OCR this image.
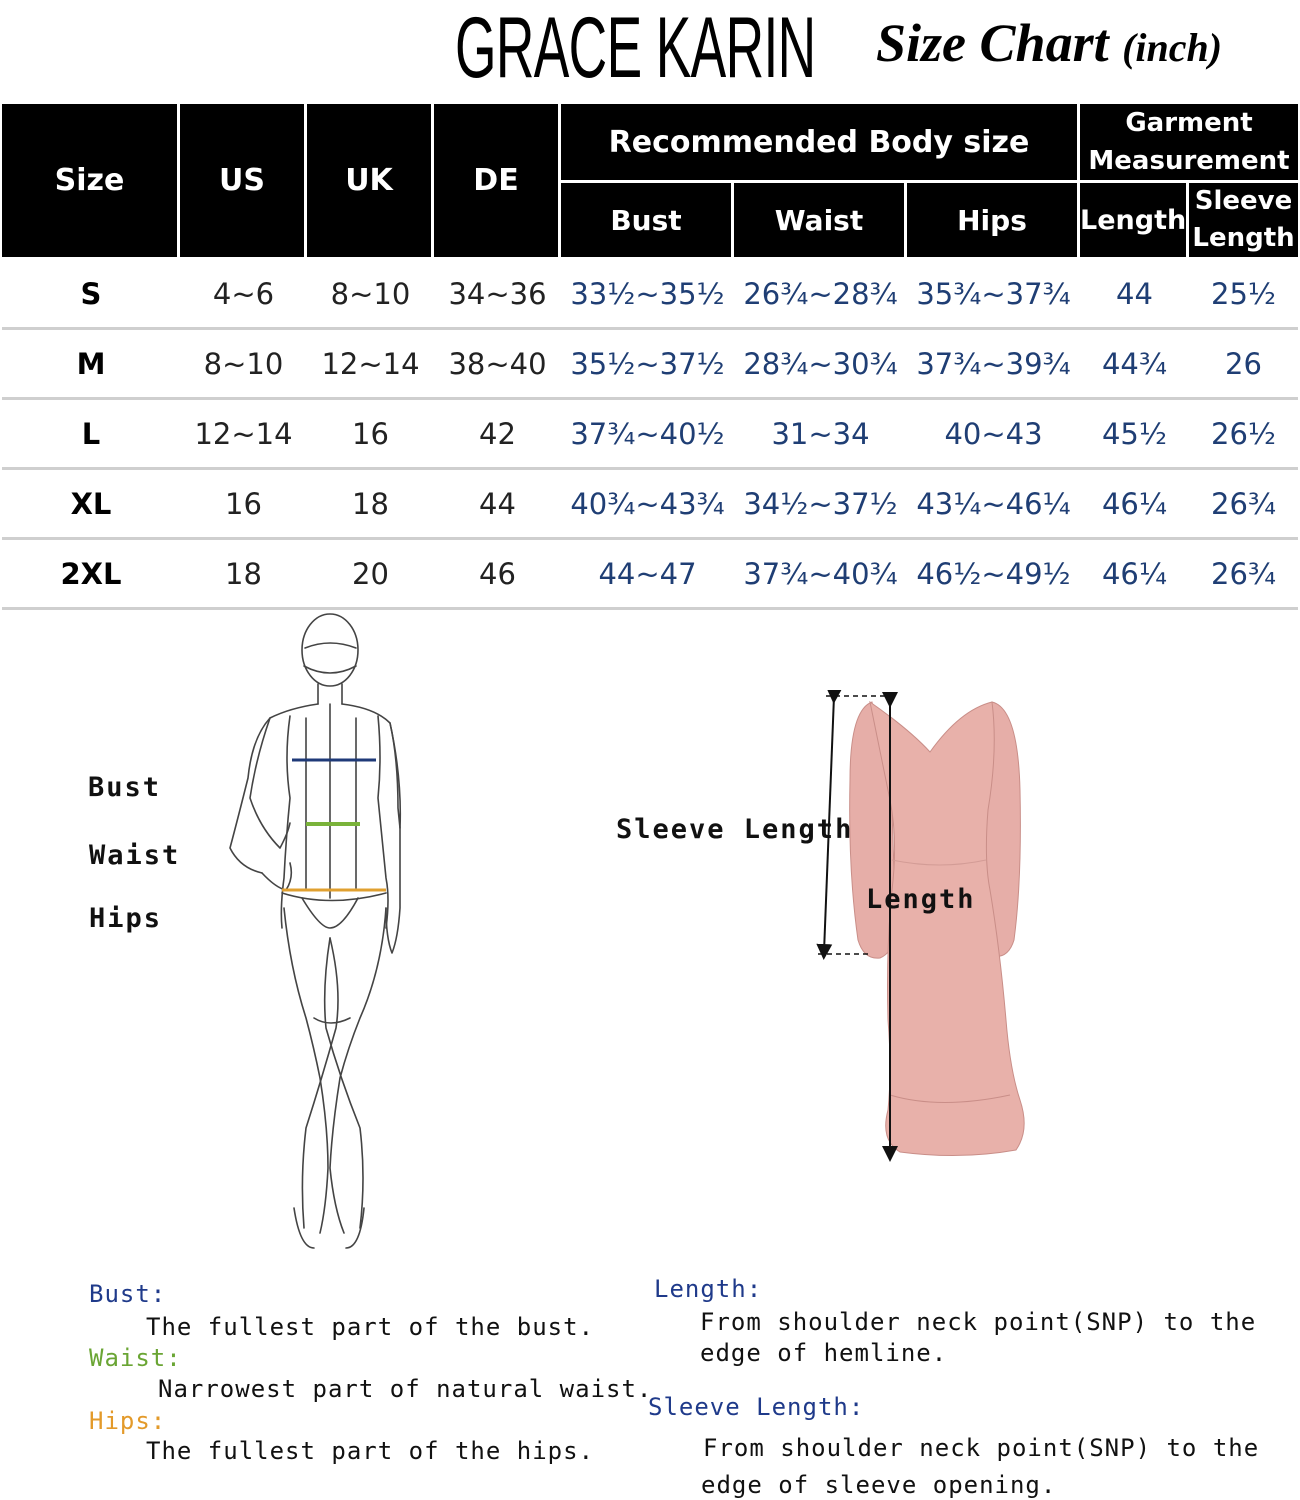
GRACE KARIN Size Chart (inch)
Size	US	UK	DE	Recommended Body size			Garment
Measurement	
				Bust	Waist	Hips	Length	Sleeve
Length
S	4~6	8~10	34~36	33½~35½	26¾~28¾	35¾~37¾	44	25½
M	8~10	12~14	38~40	35½~37½	28¾~30¾	37¾~39¾	44¾	26
L	12~14	16	42	37¾~40½	31~34	40~43	45½	26½
XL	16	18	44	40¾~43¾	34½~37½	43¼~46¼	46¼	26¾
2XL	18	20	46	44~47	37¾~40¾	46½~49½	46¼	26¾
Bust
Waist
Hips
Sleeve Length
Length
Bust:
The fullest part of the bust.
Waist:
Narrowest part of natural waist.
Hips:
The fullest part of the hips.
Length:
From shoulder neck point(SNP) to the
edge of hemline.
Sleeve Length:
From shoulder neck point(SNP) to the
edge of sleeve opening.
